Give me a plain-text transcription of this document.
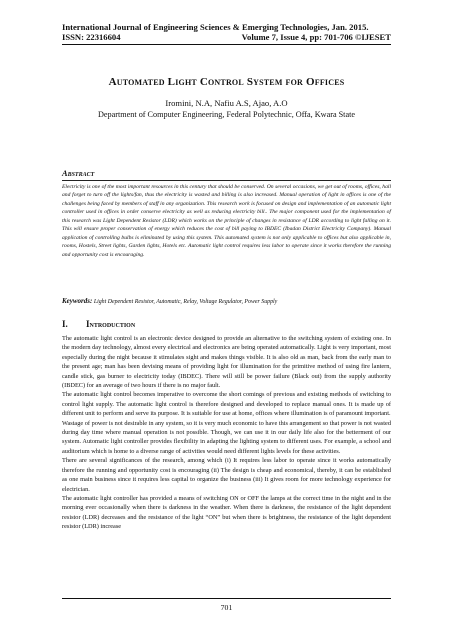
International Journal of Engineering Sciences & Emerging Technologies, Jan. 2015.
ISSN: 22316604	Volume 7, Issue 4, pp: 701-706 ©IJESET
Automated Light Control System for Offices
Iromini, N.A, Nafiu A.S, Ajao, A.O
Department of Computer Engineering, Federal Polytechnic, Offa, Kwara State
Abstract
Electricity is one of the most important resources in this century that should be conserved. On several occasions, we get out of rooms, offices, hall and forget to turn off the lights/fan, thus the electricity is wasted and billing is also increased. Manual operation of light in offices is one of the challenges being faced by members of staff in any organization. This research work is focused on design and implementation of an automatic light controller used in offices in order conserve electricity as well as reducing electricity bill.. The major component used for the implementation of this research was Light Dependent Resistor (LDR) which works on the principle of changes in resistance of LDR according to light falling on it. This will ensure proper conservation of energy which reduces the cost of bill paying to IBDEC (Ibadan District Electricity Company). Manual application of controlling bulbs is eliminated by using this system. This automated system is not only applicable to offices but also applicable in, rooms, Hostels, Street lights, Garden lights, Hotels etc. Automatic light control requires less labor to operate since it works therefore the running and opportunity cost is encouraging.
Keywords: Light Dependent Resistor, Automatic, Relay, Voltage Regulator, Power Supply
I. Introduction

The automatic light control is an electronic device designed to provide an alternative to the switching system of existing one. In the modern day technology, almost every electrical and electronics are being operated automatically. Light is very important, most especially during the night because it stimulates sight and makes things visible. It is also old as man, back from the early man to the present age; man has been devising means of providing light for illumination for the primitive method of using fire lantern, candle stick, gas burner to electricity today (IBDEC). There will still be power failure (Black out) from the supply authority (IBDEC) for an average of two hours if there is no major fault.

The automatic light control becomes imperative to overcome the short comings of previous and existing methods of switching to control light supply. The automatic light control is therefore designed and developed to replace manual ones. It is made up of different unit to perform and serve its purpose. It is suitable for use at home, offices where illumination is of paramount important.

Wastage of power is not desirable in any system, so it is very much economic to have this arrangement so that power is not wasted during day time where manual operation is not possible. Though, we can use it in our daily life also for the betterment of our system. Automatic light controller provides flexibility in adapting the lighting system to different uses. For example, a school and auditorium which is home to a diverse range of activities would need different lights levels for these activities.

There are several significances of the research, among which (i) It requires less labor to operate since it works automatically therefore the running and opportunity cost is encouraging (ii) The design is cheap and economical, thereby, it can be established as one main business since it requires less capital to organize the business (iii) It gives room for more technology experience for electrician.

The automatic light controller has provided a means of switching ON or OFF the lamps at the correct time in the night and in the morning ever occasionally when there is darkness in the weather. When there is darkness, the resistance of the light dependent resistor (LDR) decreases and the resistance of the light “ON” but when there is brightness, the resistance of the light dependent resistor (LDR) increase

701
